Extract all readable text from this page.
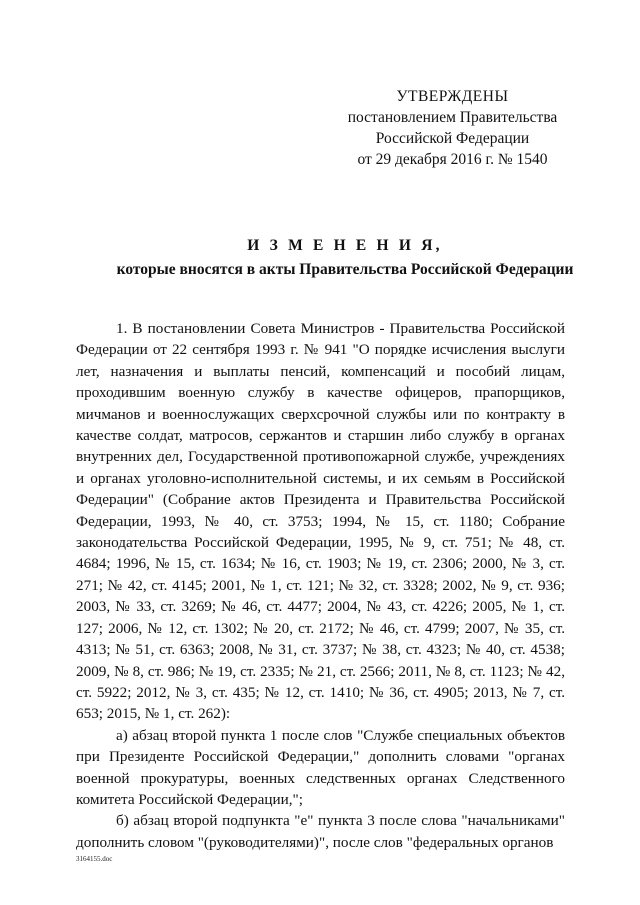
УТВЕРЖДЕНЫ
постановлением Правительства
Российской Федерации
от 29 декабря 2016 г. № 1540
И З М Е Н Е Н И Я,
которые вносятся в акты Правительства Российской Федерации

1. В постановлении Совета Министров - Правительства Российской Федерации от 22 сентября 1993 г. № 941 "О порядке исчисления выслуги лет, назначения и выплаты пенсий, компенсаций и пособий лицам, проходившим военную службу в качестве офицеров, прапорщиков, мичманов и военнослужащих сверхсрочной службы или по контракту в качестве солдат, матросов, сержантов и старшин либо службу в органах внутренних дел, Государственной противопожарной службе, учреждениях и органах уголовно-исполнительной системы, и их семьям в Российской Федерации" (Собрание актов Президента и Правительства Российской Федерации, 1993, № 40, ст. 3753; 1994, № 15, ст. 1180; Собрание законодательства Российской Федерации, 1995, № 9, ст. 751; № 48, ст. 4684; 1996, № 15, ст. 1634; № 16, ст. 1903; № 19, ст. 2306; 2000, № 3, ст. 271; № 42, ст. 4145; 2001, № 1, ст. 121; № 32, ст. 3328; 2002, № 9, ст. 936; 2003, № 33, ст. 3269; № 46, ст. 4477; 2004, № 43, ст. 4226; 2005, № 1, ст. 127; 2006, № 12, ст. 1302; № 20, ст. 2172; № 46, ст. 4799; 2007, № 35, ст. 4313; № 51, ст. 6363; 2008, № 31, ст. 3737; № 38, ст. 4323; № 40, ст. 4538; 2009, № 8, ст. 986; № 19, ст. 2335; № 21, ст. 2566; 2011, № 8, ст. 1123; № 42, ст. 5922; 2012, № 3, ст. 435; № 12, ст. 1410; № 36, ст. 4905; 2013, № 7, ст. 653; 2015, № 1, ст. 262):

а) абзац второй пункта 1 после слов "Службе специальных объектов при Президенте Российской Федерации," дополнить словами "органах военной прокуратуры, военных следственных органах Следственного комитета Российской Федерации,";

б) абзац второй подпункта "е" пункта 3 после слова "начальниками" дополнить словом "(руководителями)", после слов "федеральных органов

3164155.doc
